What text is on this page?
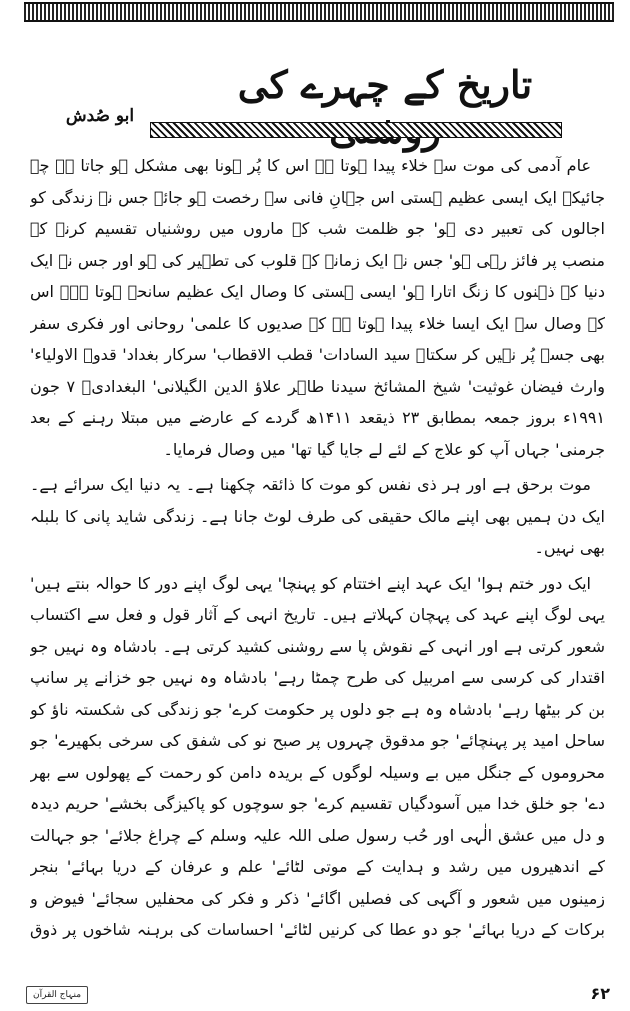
تاریخ کے چہرے کی
ابو صُدش

عام آدمی کی موت سے خلاء پیدا ہوتا ہے اس کا پُر ہونا بھی مشکل ہو جاتا ہے چہ جائیکہ ایک ایسی عظیم ہستی اس جہانِ فانی سے رخصت ہو جائے جس نے زندگی کو اجالوں کی تعبیر دی ہو' جو ظلمت شب کے ماروں میں روشنیاں تقسیم کرنے کے منصب پر فائز رہی ہو' جس نے ایک زمانے کے قلوب کی تطہیر کی ہو اور جس نے ایک دنیا کے ذہنوں کا زنگ اتارا ہو' ایسی ہستی کا وصال ایک عظیم سانحہ ہوتا ہے۔ اس کے وصال سے ایک ایسا خلاء پیدا ہوتا ہے کہ صدیوں کا علمی' روحانی اور فکری سفر بھی جسے پُر نہیں کر سکتا۔ سید السادات' قطب الاقطاب' سرکار بغداد' قدوۃ الاولیاء' وارث فیضان غوثیت' شیخ المشائخ سیدنا طاہر علاؤ الدین الگیلانی' البغدادیؒ ۷ جون ۱۹۹۱ء بروز جمعہ بمطابق ۲۳ ذیقعد ۱۴۱۱ھ گردے کے عارضے میں مبتلا رہنے کے بعد جرمنی' جہاں آپ کو علاج کے لئے لے جایا گیا تھا' میں وصال فرمایا۔

موت برحق ہے اور ہر ذی نفس کو موت کا ذائقہ چکھنا ہے۔ یہ دنیا ایک سرائے ہے۔ ایک دن ہمیں بھی اپنے مالک حقیقی کی طرف لوٹ جانا ہے۔ زندگی شاید پانی کا بلبلہ بھی نہیں۔

ایک دور ختم ہوا' ایک عہد اپنے اختتام کو پہنچا' یہی لوگ اپنے دور کا حوالہ بنتے ہیں' یہی لوگ اپنے عہد کی پہچان کہلاتے ہیں۔ تاریخ انہی کے آثار قول و فعل سے اکتساب شعور کرتی ہے اور انہی کے نقوش پا سے روشنی کشید کرتی ہے۔ بادشاہ وہ نہیں جو اقتدار کی کرسی سے امربیل کی طرح چمٹا رہے' بادشاہ وہ نہیں جو خزانے پر سانپ بن کر بیٹھا رہے' بادشاہ وہ ہے جو دلوں پر حکومت کرے' جو زندگی کی شکستہ ناؤ کو ساحل امید پر پہنچائے' جو مدقوق چہروں پر صبح نو کی شفق کی سرخی بکھیرے' جو محروموں کے جنگل میں بے وسیلہ لوگوں کے بریدہ دامن کو رحمت کے پھولوں سے بھر دے' جو خلق خدا میں آسودگیاں تقسیم کرے' جو سوچوں کو پاکیزگی بخشے' حریم دیدہ و دل میں عشق الٰہی اور حُب رسول صلی اللہ علیہ وسلم کے چراغ جلائے' جو جہالت کے اندھیروں میں رشد و ہدایت کے موتی لٹائے' علم و عرفان کے دریا بہائے' بنجر زمینوں میں شعور و آگہی کی فصلیں اگائے' ذکر و فکر کی محفلیں سجائے' فیوض و برکات کے دریا بہائے' جو دو عطا کی کرنیں لٹائے' احساسات کی برہنہ شاخوں پر ذوق

منہاج القرآن	۶۲
